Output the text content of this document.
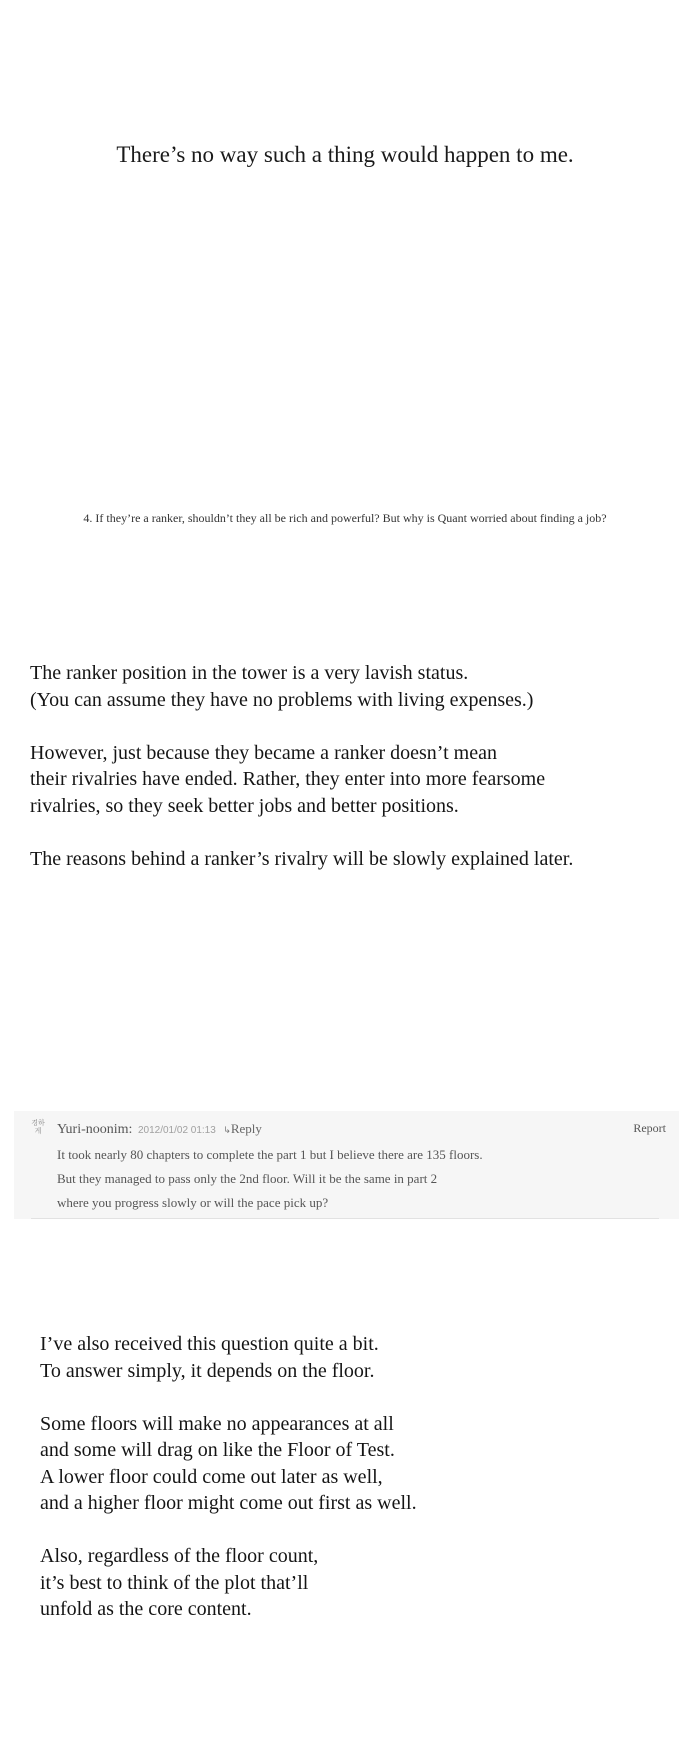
There’s no way such a thing would happen to me.
4. If they’re a ranker, shouldn’t they all be rich and powerful? But why is Quant worried about finding a job?
The ranker position in the tower is a very lavish status.
(You can assume they have no problems with living expenses.)
However, just because they became a ranker doesn’t mean
their rivalries have ended. Rather, they enter into more fearsome
rivalries, so they seek better jobs and better positions.
The reasons behind a ranker’s rivalry will be slowly explained later.
경하
게	Yuri-noonim: 2012/01/02 01:13 ↳Reply	Report
It took nearly 80 chapters to complete the part 1 but I believe there are 135 floors.
But they managed to pass only the 2nd floor. Will it be the same in part 2
where you progress slowly or will the pace pick up?
I’ve also received this question quite a bit.
To answer simply, it depends on the floor.
Some floors will make no appearances at all
and some will drag on like the Floor of Test.
A lower floor could come out later as well,
and a higher floor might come out first as well.
Also, regardless of the floor count,
it’s best to think of the plot that’ll
unfold as the core content.
